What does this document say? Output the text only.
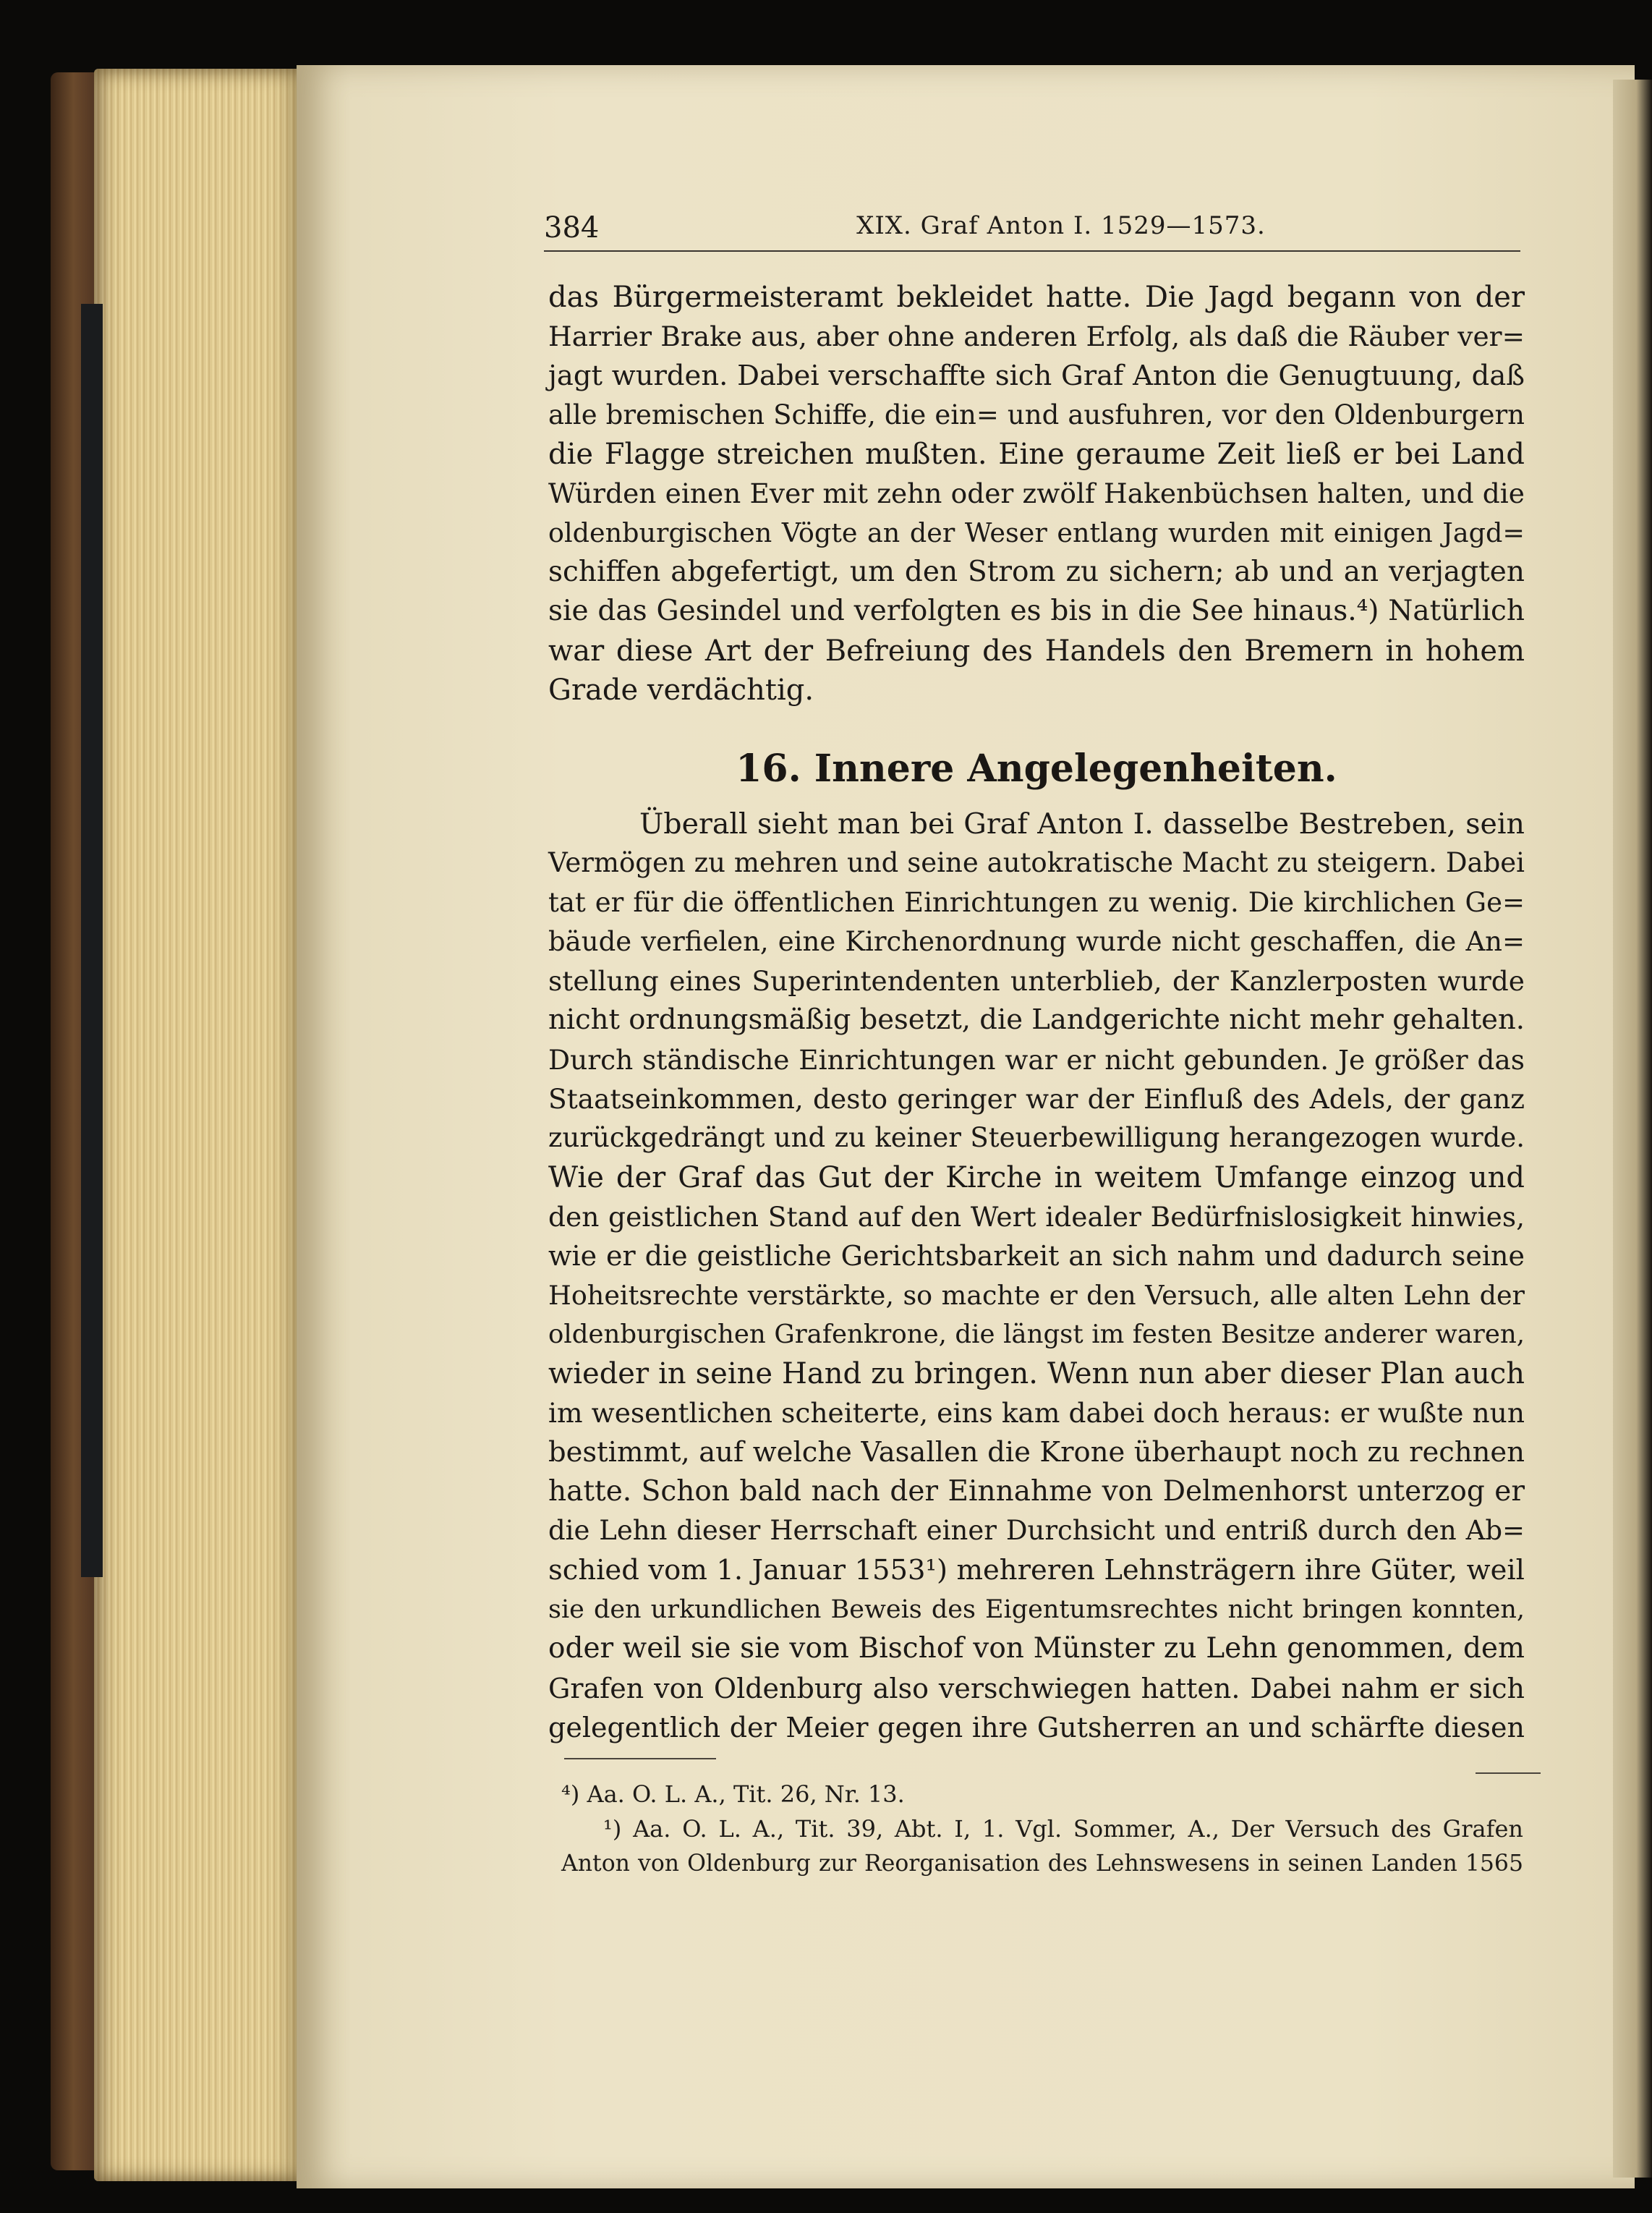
384	XIX. Graf Anton I. 1529—1573.
das Bürgermeisteramt bekleidet hatte. Die Jagd begann von der
Harrier Brake aus, aber ohne anderen Erfolg, als daß die Räuber ver=
jagt wurden. Dabei verschaffte sich Graf Anton die Genugtuung, daß
alle bremischen Schiffe, die ein= und ausfuhren, vor den Oldenburgern
die Flagge streichen mußten. Eine geraume Zeit ließ er bei Land
Würden einen Ever mit zehn oder zwölf Hakenbüchsen halten, und die
oldenburgischen Vögte an der Weser entlang wurden mit einigen Jagd=
schiffen abgefertigt, um den Strom zu sichern; ab und an verjagten
sie das Gesindel und verfolgten es bis in die See hinaus.⁴) Natürlich
war diese Art der Befreiung des Handels den Bremern in hohem
Grade verdächtig.
16. Innere Angelegenheiten.
Überall sieht man bei Graf Anton I. dasselbe Bestreben, sein
Vermögen zu mehren und seine autokratische Macht zu steigern. Dabei
tat er für die öffentlichen Einrichtungen zu wenig. Die kirchlichen Ge=
bäude verfielen, eine Kirchenordnung wurde nicht geschaffen, die An=
stellung eines Superintendenten unterblieb, der Kanzlerposten wurde
nicht ordnungsmäßig besetzt, die Landgerichte nicht mehr gehalten.
Durch ständische Einrichtungen war er nicht gebunden. Je größer das
Staatseinkommen, desto geringer war der Einfluß des Adels, der ganz
zurückgedrängt und zu keiner Steuerbewilligung herangezogen wurde.
Wie der Graf das Gut der Kirche in weitem Umfange einzog und
den geistlichen Stand auf den Wert idealer Bedürfnislosigkeit hinwies,
wie er die geistliche Gerichtsbarkeit an sich nahm und dadurch seine
Hoheitsrechte verstärkte, so machte er den Versuch, alle alten Lehn der
oldenburgischen Grafenkrone, die längst im festen Besitze anderer waren,
wieder in seine Hand zu bringen. Wenn nun aber dieser Plan auch
im wesentlichen scheiterte, eins kam dabei doch heraus: er wußte nun
bestimmt, auf welche Vasallen die Krone überhaupt noch zu rechnen
hatte. Schon bald nach der Einnahme von Delmenhorst unterzog er
die Lehn dieser Herrschaft einer Durchsicht und entriß durch den Ab=
schied vom 1. Januar 1553¹) mehreren Lehnsträgern ihre Güter, weil
sie den urkundlichen Beweis des Eigentumsrechtes nicht bringen konnten,
oder weil sie sie vom Bischof von Münster zu Lehn genommen, dem
Grafen von Oldenburg also verschwiegen hatten. Dabei nahm er sich
gelegentlich der Meier gegen ihre Gutsherren an und schärfte diesen
⁴) Aa. O. L. A., Tit. 26, Nr. 13.
¹) Aa. O. L. A., Tit. 39, Abt. I, 1. Vgl. Sommer, A., Der Versuch des Grafen
Anton von Oldenburg zur Reorganisation des Lehnswesens in seinen Landen 1565
